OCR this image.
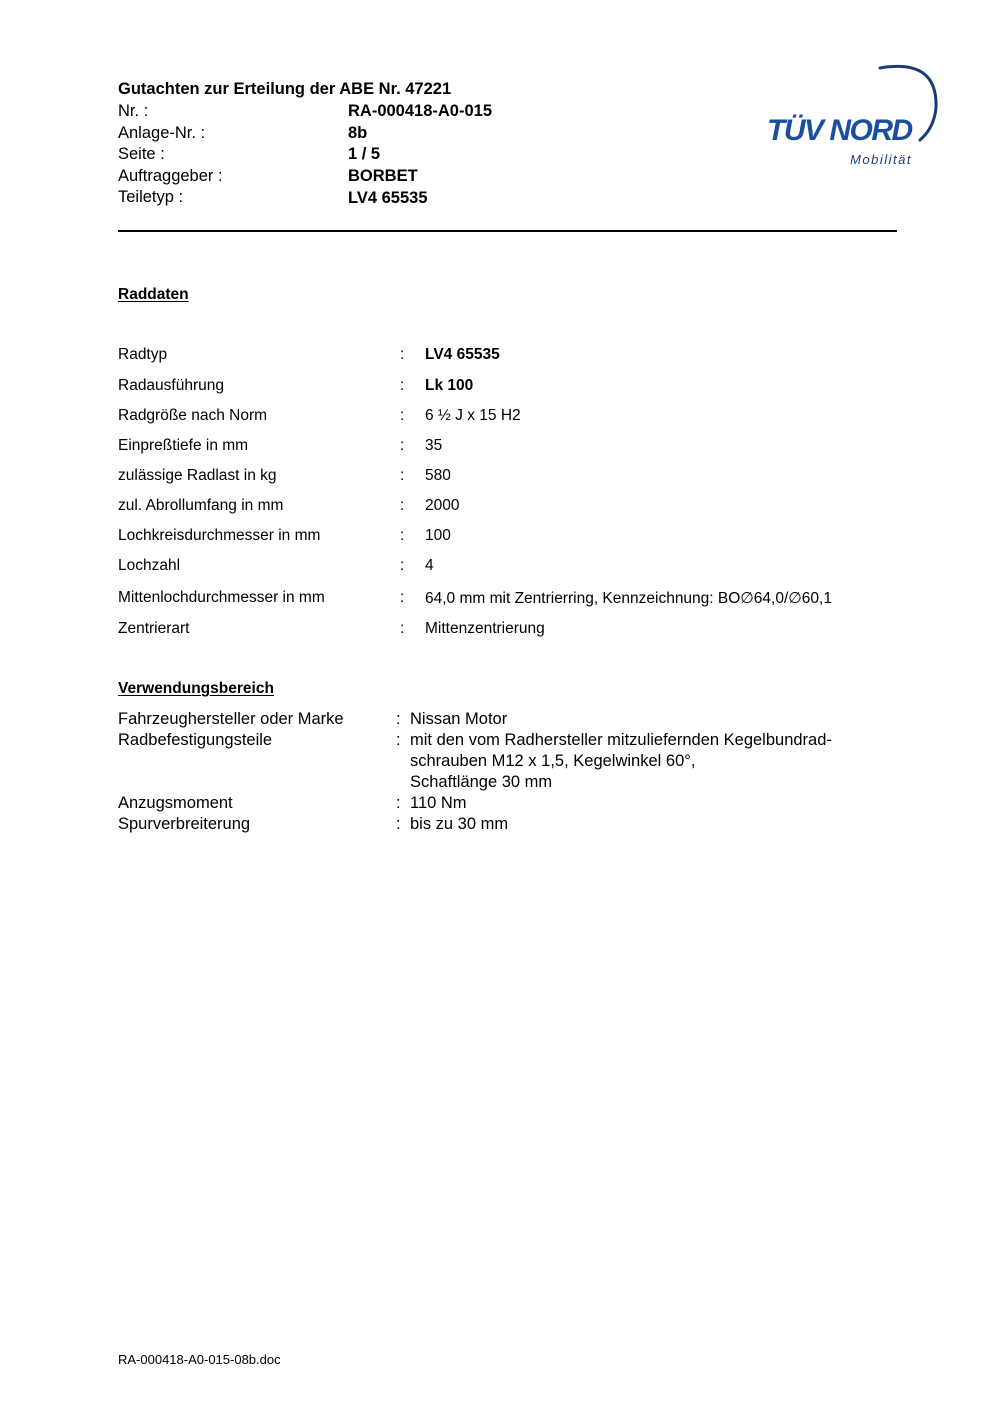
Gutachten zur Erteilung der ABE Nr. 47221
Nr. :	RA-000418-A0-015
Anlage-Nr. :	8b
Seite :	1 / 5
Auftraggeber :	BORBET
Teiletyp :	LV4 65535
TÜV NORD
Mobilität
Raddaten
Radtyp	: LV4 65535
Radausführung	: Lk 100
Radgröße nach Norm	: 6 ½ J x 15 H2
Einpreßtiefe in mm	: 35
zulässige Radlast in kg	: 580
zul. Abrollumfang in mm	: 2000
Lochkreisdurchmesser in mm	: 100
Lochzahl	: 4
Mittenlochdurchmesser in mm	: 64,0 mm mit Zentrierring, Kennzeichnung: BO∅64,0/∅60,1
Zentrierart	: Mittenzentrierung
Verwendungsbereich
Fahrzeughersteller oder Marke	: Nissan Motor
Radbefestigungsteile	: mit den vom Radhersteller mitzuliefernden Kegelbundrad-
schrauben M12 x 1,5, Kegelwinkel 60°,
Schaftlänge 30 mm
Anzugsmoment	: 110 Nm
Spurverbreiterung	: bis zu 30 mm
RA-000418-A0-015-08b.doc
